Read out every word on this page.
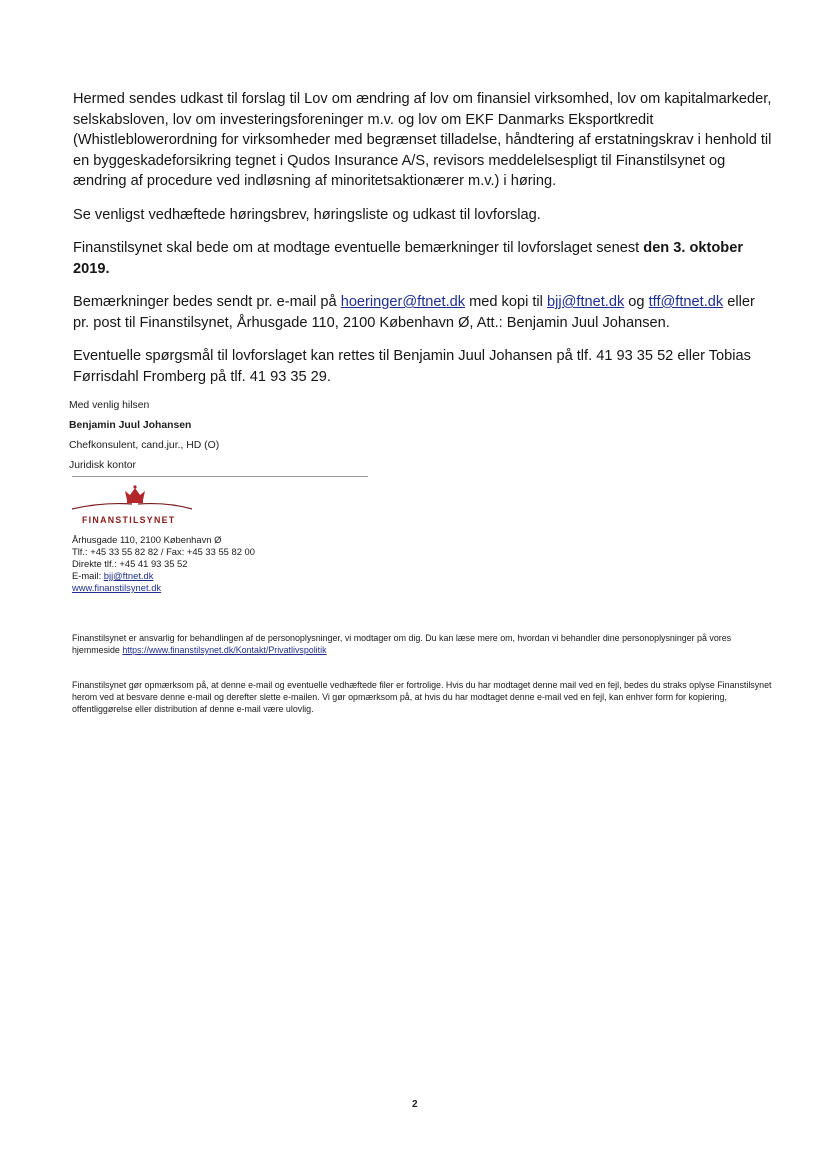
Hermed sendes udkast til forslag til Lov om ændring af lov om finansiel virksomhed, lov om kapitalmarkeder, selskabsloven, lov om investeringsforeninger m.v. og lov om EKF Danmarks Eksportkredit (Whistleblowerordning for virksomheder med begrænset tilladelse, håndtering af erstatningskrav i henhold til en byggeskadeforsikring tegnet i Qudos Insurance A/S, revisors meddelelsespligt til Finanstilsynet og ændring af procedure ved indløsning af minoritetsaktionærer m.v.) i høring.

Se venligst vedhæftede høringsbrev, høringsliste og udkast til lovforslag.

Finanstilsynet skal bede om at modtage eventuelle bemærkninger til lovforslaget senest den 3. oktober 2019.

Bemærkninger bedes sendt pr. e-mail på hoeringer@ftnet.dk med kopi til bjj@ftnet.dk og tff@ftnet.dk eller pr. post til Finanstilsynet, Århusgade 110, 2100 København Ø, Att.: Benjamin Juul Johansen.

Eventuelle spørgsmål til lovforslaget kan rettes til Benjamin Juul Johansen på tlf. 41 93 35 52 eller Tobias Førrisdahl Fromberg på tlf. 41 93 35 29.

Med venlig hilsen
Benjamin Juul Johansen
Chefkonsulent, cand.jur., HD (O)
Juridisk kontor
FINANSTILSYNET
Århusgade 110, 2100 København Ø
Tlf.: +45 33 55 82 82 / Fax: +45 33 55 82 00
Direkte tlf.: +45 41 93 35 52
E-mail: bjj@ftnet.dk
www.finanstilsynet.dk
Finanstilsynet er ansvarlig for behandlingen af de personoplysninger, vi modtager om dig. Du kan læse mere om, hvordan vi behandler dine personoplysninger på vores hjemmeside https://www.finanstilsynet.dk/Kontakt/Privatlivspolitik
Finanstilsynet gør opmærksom på, at denne e-mail og eventuelle vedhæftede filer er fortrolige. Hvis du har modtaget denne mail ved en fejl, bedes du straks oplyse Finanstilsynet herom ved at besvare denne e-mail og derefter slette e-mailen. Vi gør opmærksom på, at hvis du har modtaget denne e-mail ved en fejl, kan enhver form for kopiering, offentliggørelse eller distribution af denne e-mail være ulovlig.
2
